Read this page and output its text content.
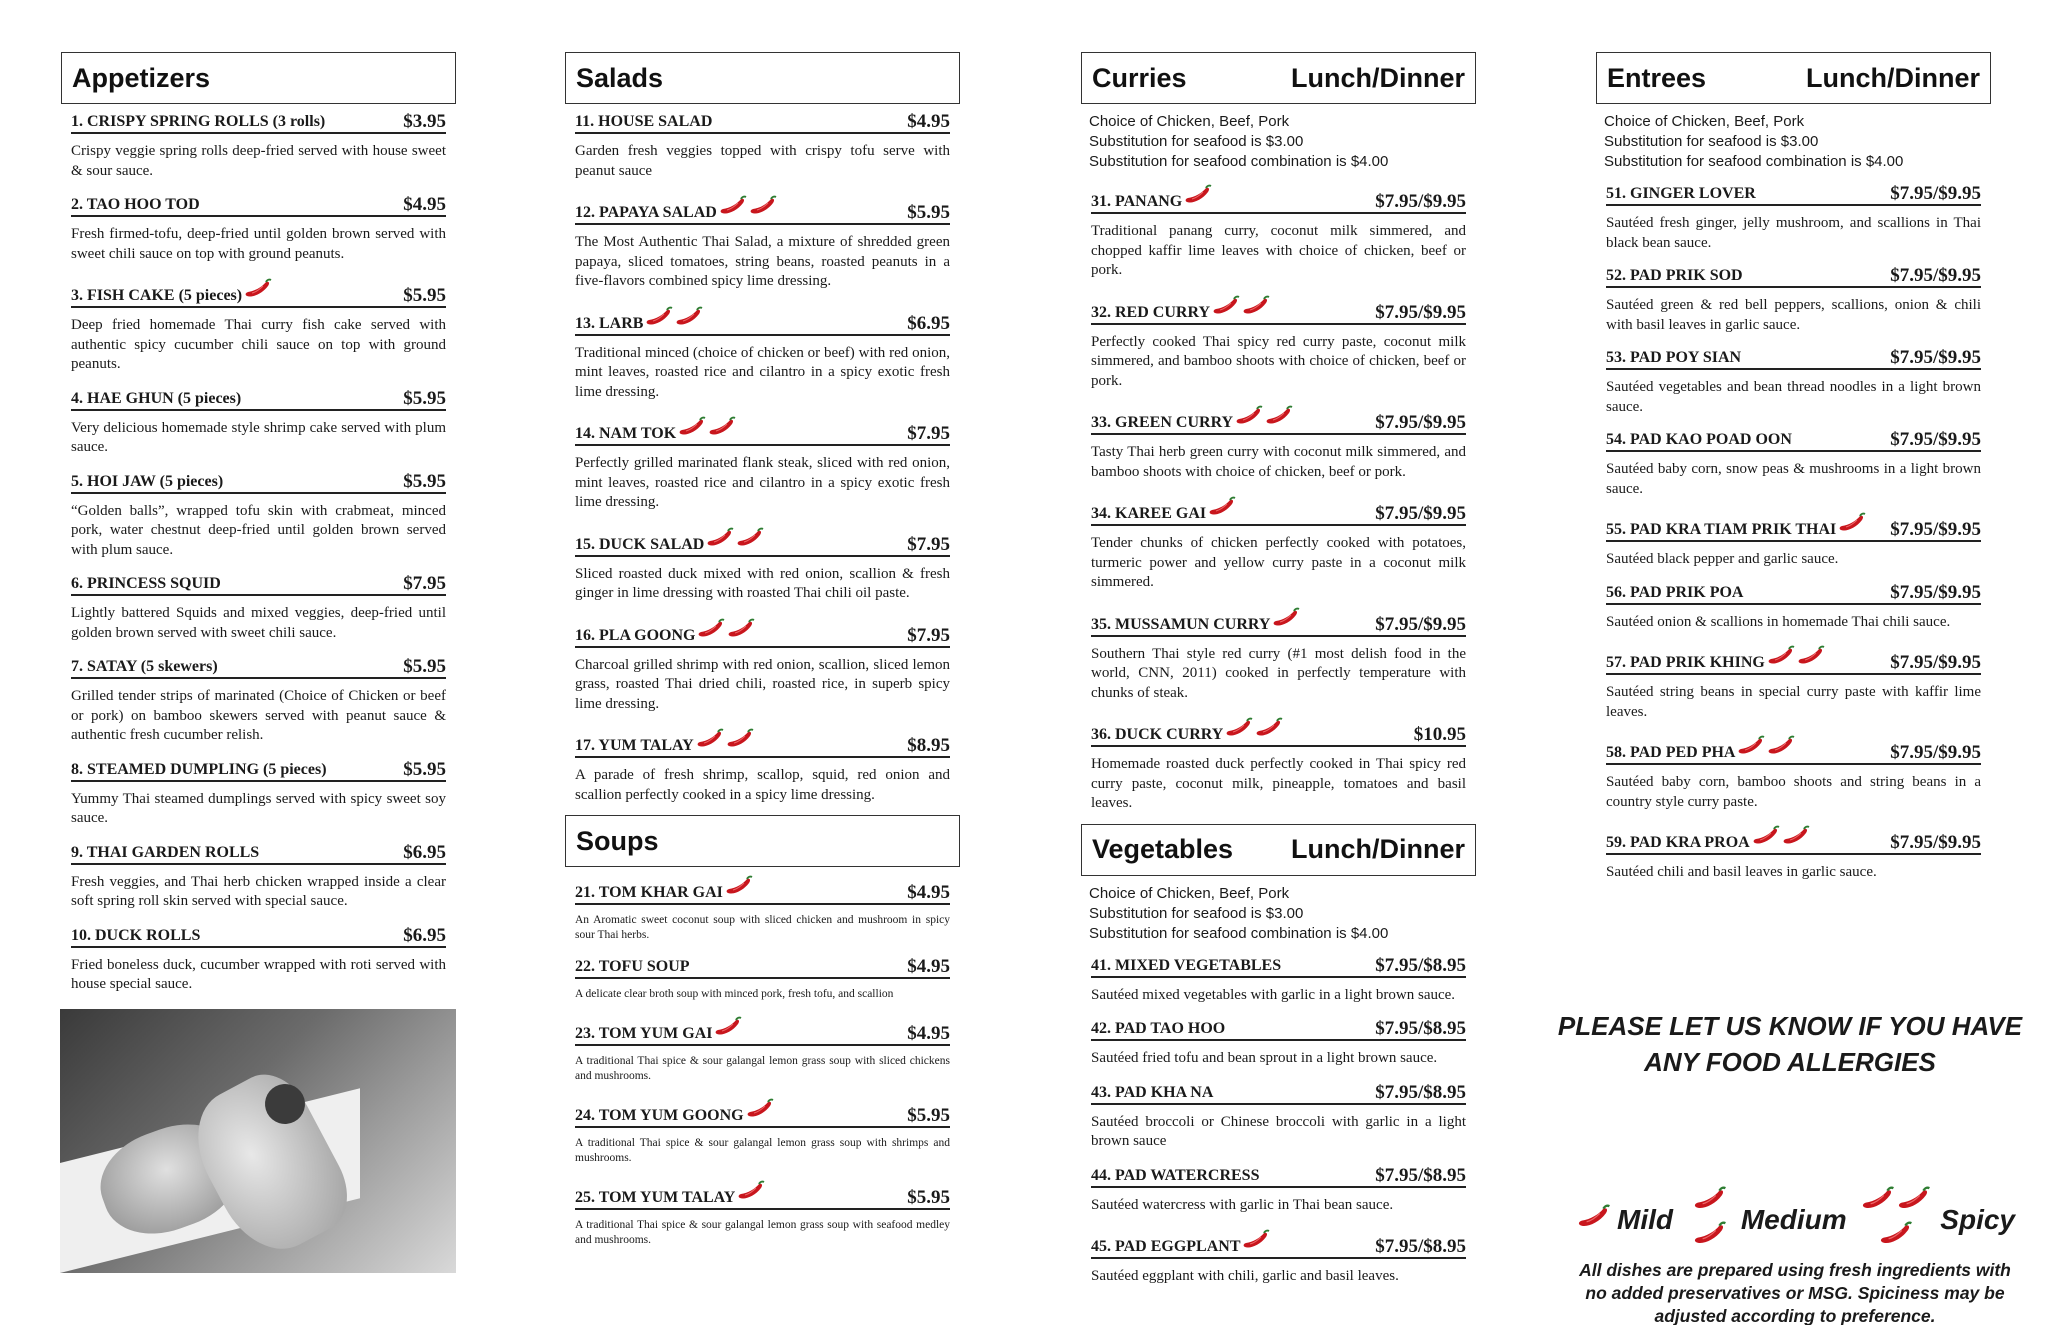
Appetizers
1. CRISPY SPRING ROLLS (3 rolls)	$3.95
Crispy veggie spring rolls deep-fried served with house sweet & sour sauce.
2. TAO HOO TOD	$4.95
Fresh firmed-tofu, deep-fried until golden brown served with sweet chili sauce on top with ground peanuts.
3. FISH CAKE (5 pieces)	$5.95
Deep fried homemade Thai curry fish cake served with authentic spicy cucumber chili sauce on top with ground peanuts.
4. HAE GHUN (5 pieces)	$5.95
Very delicious homemade style shrimp cake served with plum sauce.
5. HOI JAW (5 pieces)	$5.95
“Golden balls”, wrapped tofu skin with crabmeat, minced pork, water chestnut deep-fried until golden brown served with plum sauce.
6. PRINCESS SQUID	$7.95
Lightly battered Squids and mixed veggies, deep-fried until golden brown served with sweet chili sauce.
7. SATAY (5 skewers)	$5.95
Grilled tender strips of marinated (Choice of Chicken or beef or pork) on bamboo skewers served with peanut sauce & authentic fresh cucumber relish.
8. STEAMED DUMPLING (5 pieces)	$5.95
Yummy Thai steamed dumplings served with spicy sweet soy sauce.
9. THAI GARDEN ROLLS	$6.95
Fresh veggies, and Thai herb chicken wrapped inside a clear soft spring roll skin served with special sauce.
10. DUCK ROLLS	$6.95
Fried boneless duck, cucumber wrapped with roti served with house special sauce.
Salads
11. HOUSE SALAD	$4.95
Garden fresh veggies topped with crispy tofu serve with peanut sauce
12. PAPAYA SALAD	$5.95
The Most Authentic Thai Salad, a mixture of shredded green papaya, sliced tomatoes, string beans, roasted peanuts in a five-flavors combined spicy lime dressing.
13. LARB	$6.95
Traditional minced (choice of chicken or beef) with red onion, mint leaves, roasted rice and cilantro in a spicy exotic fresh lime dressing.
14. NAM TOK	$7.95
Perfectly grilled marinated flank steak, sliced with red onion, mint leaves, roasted rice and cilantro in a spicy exotic fresh lime dressing.
15. DUCK SALAD	$7.95
Sliced roasted duck mixed with red onion, scallion & fresh ginger in lime dressing with roasted Thai chili oil paste.
16. PLA GOONG	$7.95
Charcoal grilled shrimp with red onion, scallion, sliced lemon grass, roasted Thai dried chili, roasted rice, in superb spicy lime dressing.
17. YUM TALAY	$8.95
A parade of fresh shrimp, scallop, squid, red onion and scallion perfectly cooked in a spicy lime dressing.
Soups
21. TOM KHAR GAI	$4.95
An Aromatic sweet coconut soup with sliced chicken and mushroom in spicy sour Thai herbs.
22. TOFU SOUP	$4.95
A delicate clear broth soup with minced pork, fresh tofu, and scallion
23. TOM YUM GAI	$4.95
A traditional Thai spice & sour galangal lemon grass soup with sliced chickens and mushrooms.
24. TOM YUM GOONG	$5.95
A traditional Thai spice & sour galangal lemon grass soup with shrimps and mushrooms.
25. TOM YUM TALAY	$5.95
A traditional Thai spice & sour galangal lemon grass soup with seafood medley and mushrooms.
Curries	Lunch/Dinner
Choice of Chicken, Beef, Pork
Substitution for seafood is $3.00
Substitution for seafood combination is $4.00
31. PANANG	$7.95/$9.95
Traditional panang curry, coconut milk simmered, and chopped kaffir lime leaves with choice of chicken, beef or pork.
32. RED CURRY	$7.95/$9.95
Perfectly cooked Thai spicy red curry paste, coconut milk simmered, and bamboo shoots with choice of chicken, beef or pork.
33. GREEN CURRY	$7.95/$9.95
Tasty Thai herb green curry with coconut milk simmered, and bamboo shoots with choice of chicken, beef or pork.
34. KAREE GAI	$7.95/$9.95
Tender chunks of chicken perfectly cooked with potatoes, turmeric power and yellow curry paste in a coconut milk simmered.
35. MUSSAMUN CURRY	$7.95/$9.95
Southern Thai style red curry (#1 most delish food in the world, CNN, 2011) cooked in perfectly temperature with chunks of steak.
36. DUCK CURRY	$10.95
Homemade roasted duck perfectly cooked in Thai spicy red curry paste, coconut milk, pineapple, tomatoes and basil leaves.
Vegetables Lunch/Dinner
Choice of Chicken, Beef, Pork
Substitution for seafood is $3.00
Substitution for seafood combination is $4.00
41. MIXED VEGETABLES	$7.95/$8.95
Sautéed mixed vegetables with garlic in a light brown sauce.
42. PAD TAO HOO	$7.95/$8.95
Sautéed fried tofu and bean sprout in a light brown sauce.
43. PAD KHA NA	$7.95/$8.95
Sautéed broccoli or Chinese broccoli with garlic in a light brown sauce
44. PAD WATERCRESS	$7.95/$8.95
Sautéed watercress with garlic in Thai bean sauce.
45. PAD EGGPLANT	$7.95/$8.95
Sautéed eggplant with chili, garlic and basil leaves.
Entrees	Lunch/Dinner
Choice of Chicken, Beef, Pork
Substitution for seafood is $3.00
Substitution for seafood combination is $4.00
51. GINGER LOVER	$7.95/$9.95
Sautéed fresh ginger, jelly mushroom, and scallions in Thai black bean sauce.
52. PAD PRIK SOD	$7.95/$9.95
Sautéed green & red bell peppers, scallions, onion & chili with basil leaves in garlic sauce.
53. PAD POY SIAN	$7.95/$9.95
Sautéed vegetables and bean thread noodles in a light brown sauce.
54. PAD KAO POAD OON	$7.95/$9.95
Sautéed baby corn, snow peas & mushrooms in a light brown sauce.
55. PAD KRA TIAM PRIK THAI	$7.95/$9.95
Sautéed black pepper and garlic sauce.
56. PAD PRIK POA	$7.95/$9.95
Sautéed onion & scallions in homemade Thai chili sauce.
57. PAD PRIK KHING	$7.95/$9.95
Sautéed string beans in special curry paste with kaffir lime leaves.
58. PAD PED PHA	$7.95/$9.95
Sautéed baby corn, bamboo shoots and string beans in a country style curry paste.
59. PAD KRA PROA	$7.95/$9.95
Sautéed chili and basil leaves in garlic sauce.
PLEASE LET US KNOW IF YOU HAVE
ANY FOOD ALLERGIES
Mild Medium	Spicy
All dishes are prepared using fresh ingredients with no added preservatives or MSG. Spiciness may be adjusted according to preference.
